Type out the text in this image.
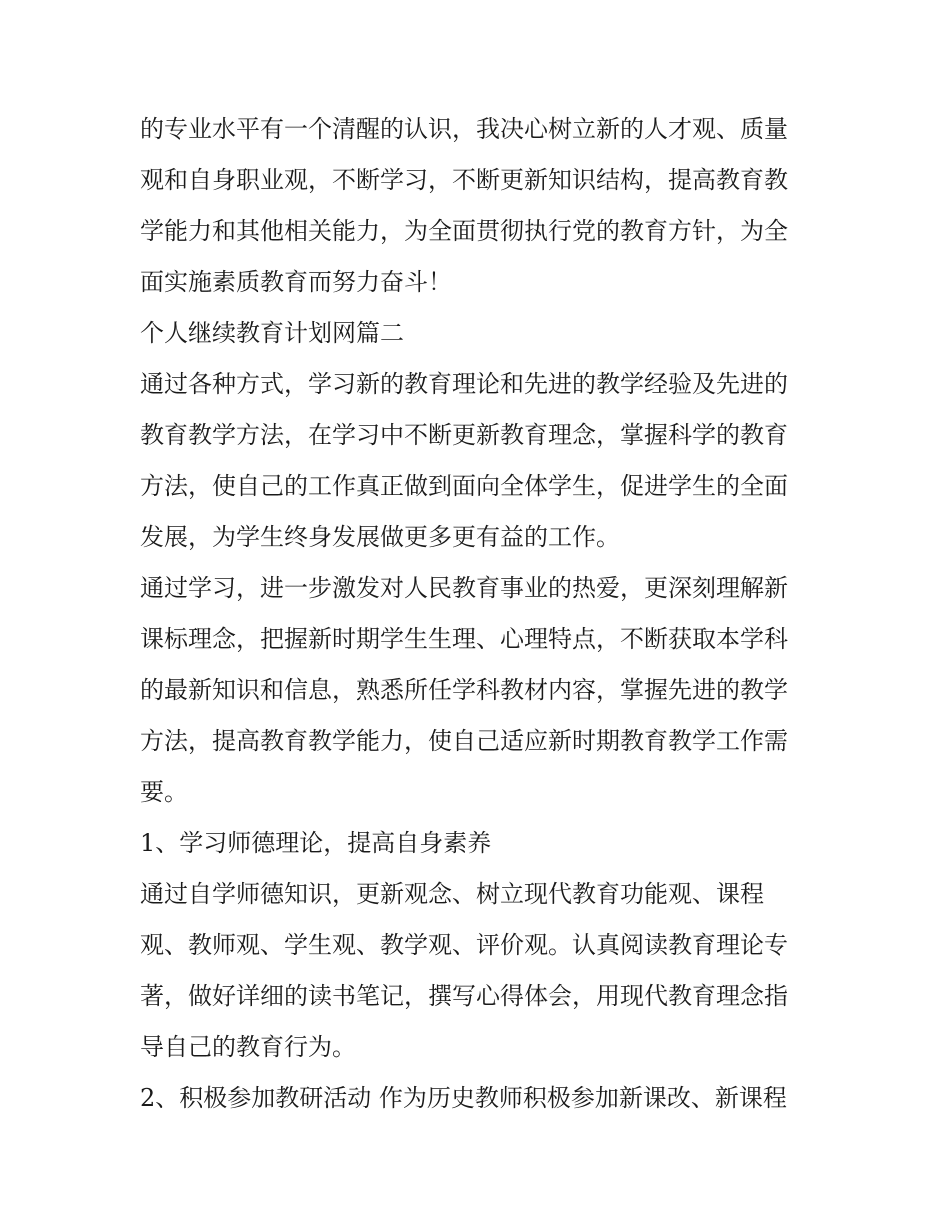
的专业水平有一个清醒的认识，我决心树立新的人才观、质量
观和自身职业观，不断学习，不断更新知识结构，提高教育教
学能力和其他相关能力，为全面贯彻执行党的教育方针，为全
面实施素质教育而努力奋斗！
个人继续教育计划网篇二
通过各种方式，学习新的教育理论和先进的教学经验及先进的
教育教学方法，在学习中不断更新教育理念，掌握科学的教育
方法，使自己的工作真正做到面向全体学生，促进学生的全面
发展，为学生终身发展做更多更有益的工作。
通过学习，进一步激发对人民教育事业的热爱，更深刻理解新
课标理念，把握新时期学生生理、心理特点，不断获取本学科
的最新知识和信息，熟悉所任学科教材内容，掌握先进的教学
方法，提高教育教学能力，使自己适应新时期教育教学工作需
要。
1、学习师德理论，提高自身素养
通过自学师德知识，更新观念、树立现代教育功能观、课程
观、教师观、学生观、教学观、评价观。认真阅读教育理论专
著，做好详细的读书笔记，撰写心得体会，用现代教育理念指
导自己的教育行为。
2、积极参加教研活动 作为历史教师积极参加新课改、新课程
